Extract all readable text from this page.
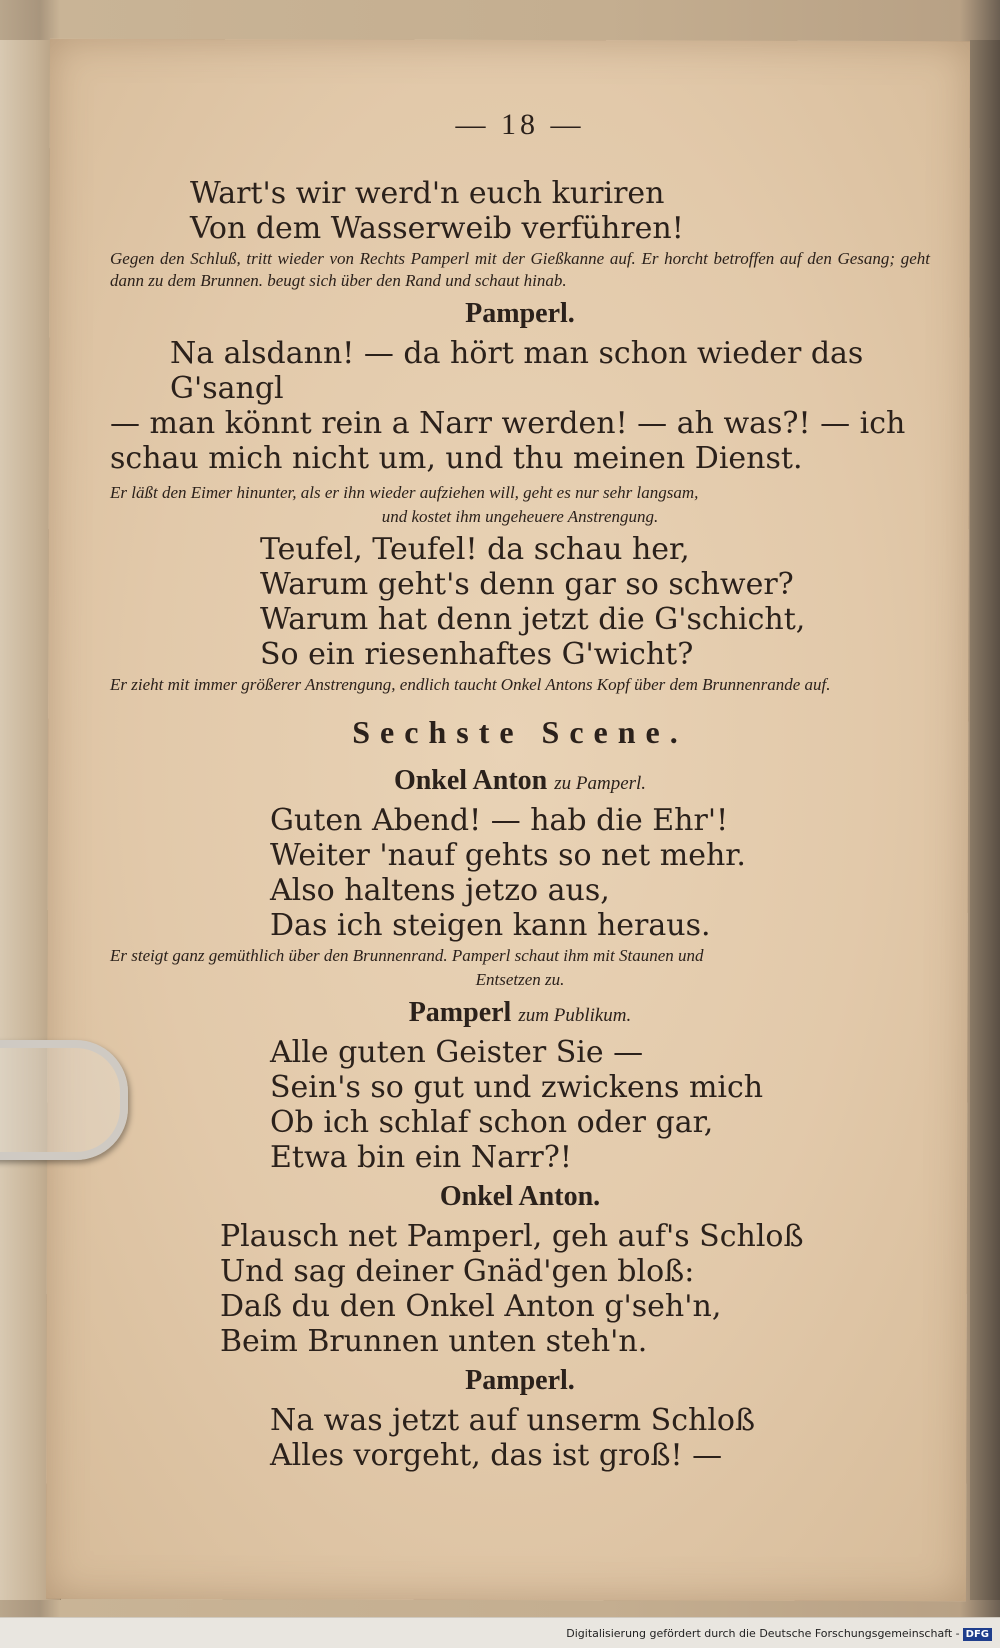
— 18 —

Wart's wir werd'n euch kuriren

Von dem Wasserweib verführen!

Gegen den Schluß, tritt wieder von Rechts Pamperl mit der Gießkanne auf. Er horcht betroffen auf den Gesang; geht dann zu dem Brunnen. beugt sich über den Rand und schaut hinab.

Pamperl.

Na alsdann! — da hört man schon wieder das G'sangl

— man könnt rein a Narr werden! — ah was?! — ich

schau mich nicht um, und thu meinen Dienst.

Er läßt den Eimer hinunter, als er ihn wieder aufziehen will, geht es nur sehr langsam,

und kostet ihm ungeheuere Anstrengung.

Teufel, Teufel! da schau her,

Warum geht's denn gar so schwer?

Warum hat denn jetzt die G'schicht,

So ein riesenhaftes G'wicht?

Er zieht mit immer größerer Anstrengung, endlich taucht Onkel Antons Kopf über dem Brunnenrande auf.

Sechste Scene.
Onkel Anton zu Pamperl.

Guten Abend! — hab die Ehr'!

Weiter 'nauf gehts so net mehr.

Also haltens jetzo aus,

Das ich steigen kann heraus.

Er steigt ganz gemüthlich über den Brunnenrand. Pamperl schaut ihm mit Staunen und

Entsetzen zu.

Pamperl zum Publikum.

Alle guten Geister Sie —

Sein's so gut und zwickens mich

Ob ich schlaf schon oder gar,

Etwa bin ein Narr?!

Onkel Anton.

Plausch net Pamperl, geh auf's Schloß

Und sag deiner Gnäd'gen bloß:

Daß du den Onkel Anton g'seh'n,

Beim Brunnen unten steh'n.

Pamperl.

Na was jetzt auf unserm Schloß

Alles vorgeht, das ist groß! —

Digitalisierung gefördert durch die Deutsche Forschungsgemeinschaft - DFG
